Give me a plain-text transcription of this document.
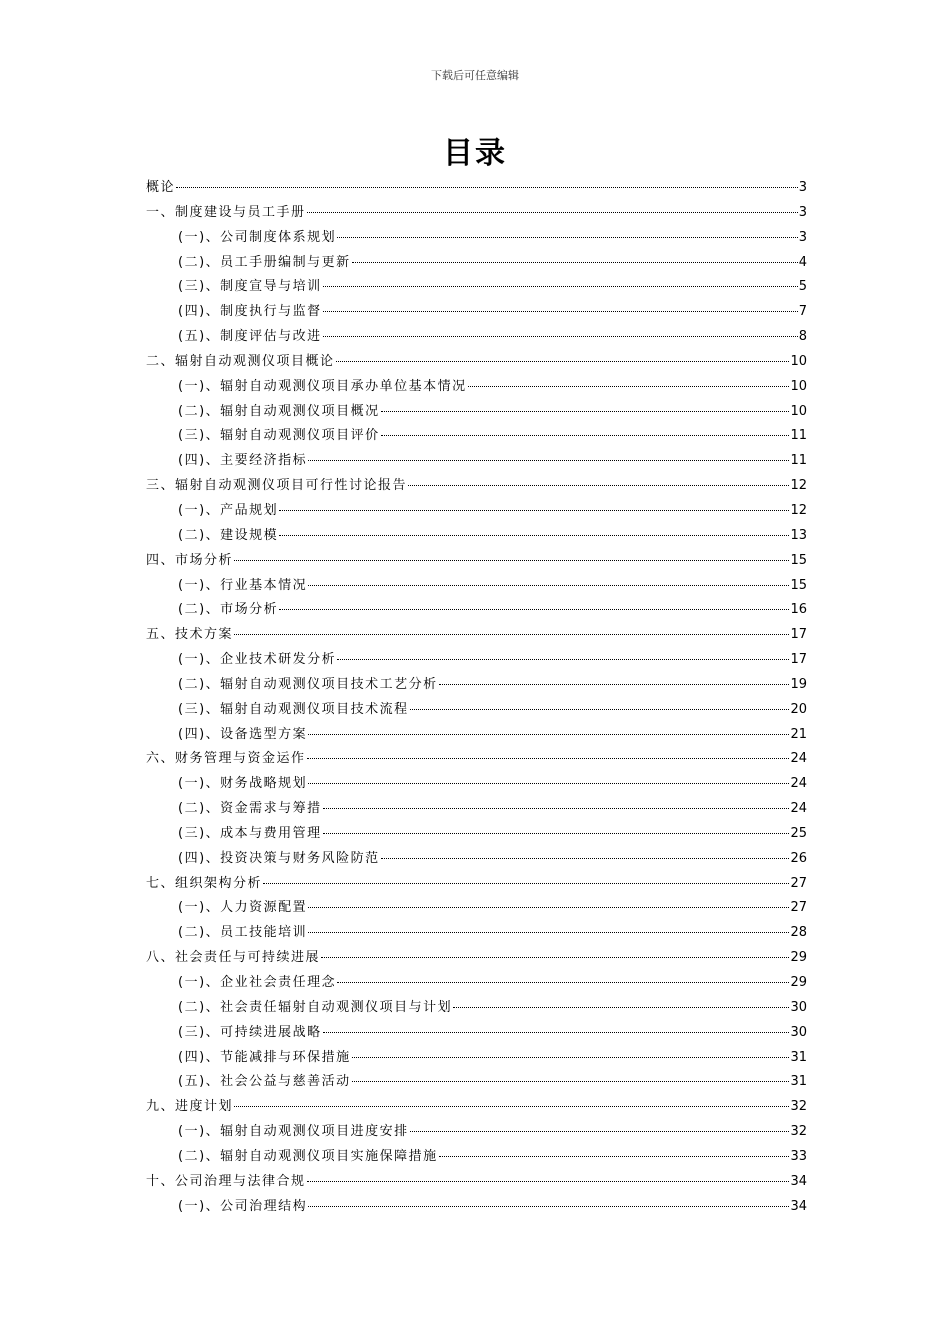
下载后可任意编辑
目录
概论	3
一、制度建设与员工手册	3
(一)、公司制度体系规划	3
(二)、员工手册编制与更新	4
(三)、制度宣导与培训	5
(四)、制度执行与监督	7
(五)、制度评估与改进	8
二、辐射自动观测仪项目概论	10
(一)、辐射自动观测仪项目承办单位基本情况	10
(二)、辐射自动观测仪项目概况	10
(三)、辐射自动观测仪项目评价	11
(四)、主要经济指标	11
三、辐射自动观测仪项目可行性讨论报告	12
(一)、产品规划	12
(二)、建设规模	13
四、市场分析	15
(一)、行业基本情况	15
(二)、市场分析	16
五、技术方案	17
(一)、企业技术研发分析	17
(二)、辐射自动观测仪项目技术工艺分析	19
(三)、辐射自动观测仪项目技术流程	20
(四)、设备选型方案	21
六、财务管理与资金运作	24
(一)、财务战略规划	24
(二)、资金需求与筹措	24
(三)、成本与费用管理	25
(四)、投资决策与财务风险防范	26
七、组织架构分析	27
(一)、人力资源配置	27
(二)、员工技能培训	28
八、社会责任与可持续进展	29
(一)、企业社会责任理念	29
(二)、社会责任辐射自动观测仪项目与计划	30
(三)、可持续进展战略	30
(四)、节能减排与环保措施	31
(五)、社会公益与慈善活动	31
九、进度计划	32
(一)、辐射自动观测仪项目进度安排	32
(二)、辐射自动观测仪项目实施保障措施	33
十、公司治理与法律合规	34
(一)、公司治理结构	34
